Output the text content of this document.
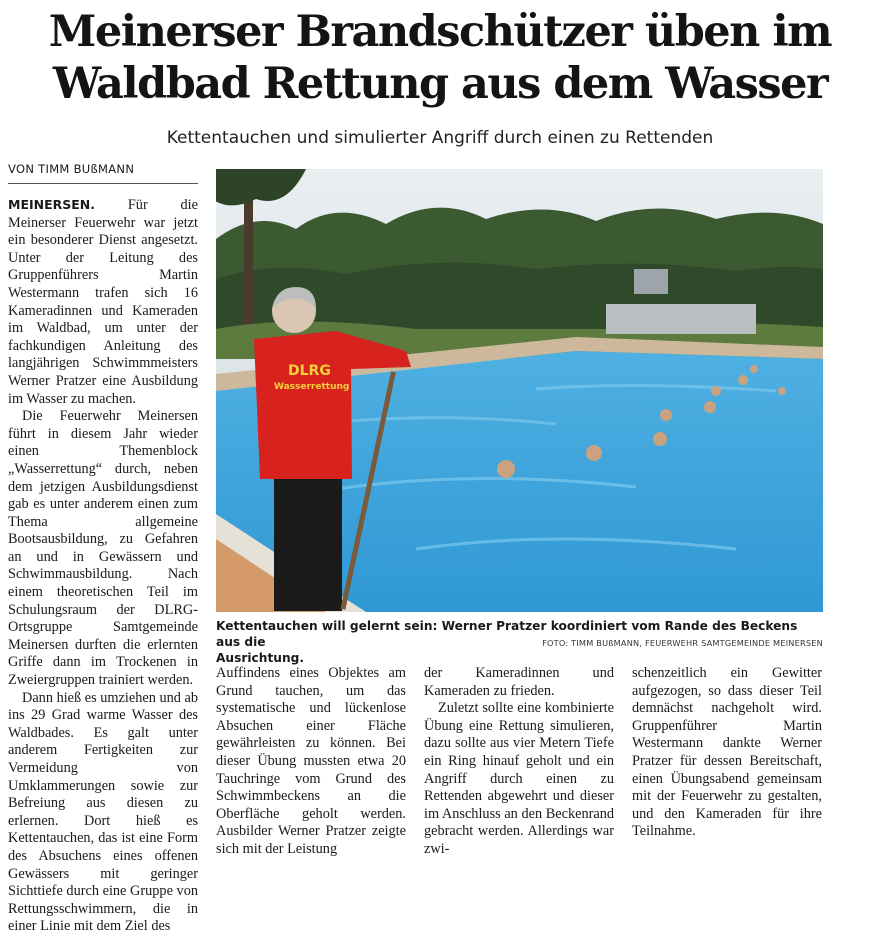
Meinerser Brandschützer üben im
Waldbad Rettung aus dem Wasser

Kettentauchen und simulierter Angriff durch einen zu Rettenden

VON TIMM BUßMANN

MEINERSEN. Für die Meinerser Feuerwehr war jetzt ein besonderer Dienst angesetzt. Unter der Leitung des Gruppenführers Martin Westermann trafen sich 16 Kameradinnen und Kameraden im Waldbad, um unter der fachkundigen Anleitung des langjährigen Schwimmmeisters Werner Pratzer eine Ausbildung im Wasser zu machen.

Die Feuerwehr Meinersen führt in diesem Jahr wieder einen Themenblock „Wasserrettung“ durch, neben dem jetzigen Ausbildungsdienst gab es unter anderem einen zum Thema allgemeine Bootsausbildung, zu Gefahren an und in Gewässern und Schwimmausbildung. Nach einem theoretischen Teil im Schulungsraum der DLRG-Ortsgruppe Samtgemeinde Meinersen durften die erlernten Griffe dann im Trockenen in Zweiergruppen trainiert werden.

Dann hieß es umziehen und ab ins 29 Grad warme Wasser des Waldbades. Es galt unter anderem Fertigkeiten zur Vermeidung von Umklammerungen sowie zur Befreiung aus diesen zu erlernen. Dort hieß es Kettentauchen, das ist eine Form des Absuchens eines offenen Gewässers mit geringer Sichttiefe durch eine Gruppe von Rettungsschwimmern, die in einer Linie mit dem Ziel des

DLRG
Wasserrettung
Kettentauchen will gelernt sein: Werner Pratzer koordiniert vom Rande des Beckens aus die
Ausrichtung.
FOTO: TIMM BUßMANN, FEUERWEHR SAMTGEMEINDE MEINERSEN

Auffindens eines Objektes am Grund tauchen, um das systematische und lückenlose Absuchen einer Fläche gewährleisten zu können. Bei dieser Übung mussten etwa 20 Tauchringe vom Grund des Schwimmbeckens an die Oberfläche geholt werden. Ausbilder Werner Pratzer zeigte sich mit der Leistung

der Kameradinnen und Kameraden zu frieden.

Zuletzt sollte eine kombinierte Übung eine Rettung simulieren, dazu sollte aus vier Metern Tiefe ein Ring hinauf geholt und ein Angriff durch einen zu Rettenden abgewehrt und dieser im Anschluss an den Beckenrand gebracht werden. Allerdings war zwi-

schenzeitlich ein Gewitter aufgezogen, so dass dieser Teil demnächst nachgeholt wird. Gruppenführer Martin Westermann dankte Werner Pratzer für dessen Bereitschaft, einen Übungsabend gemeinsam mit der Feuerwehr zu gestalten, und den Kameraden für ihre Teilnahme.
